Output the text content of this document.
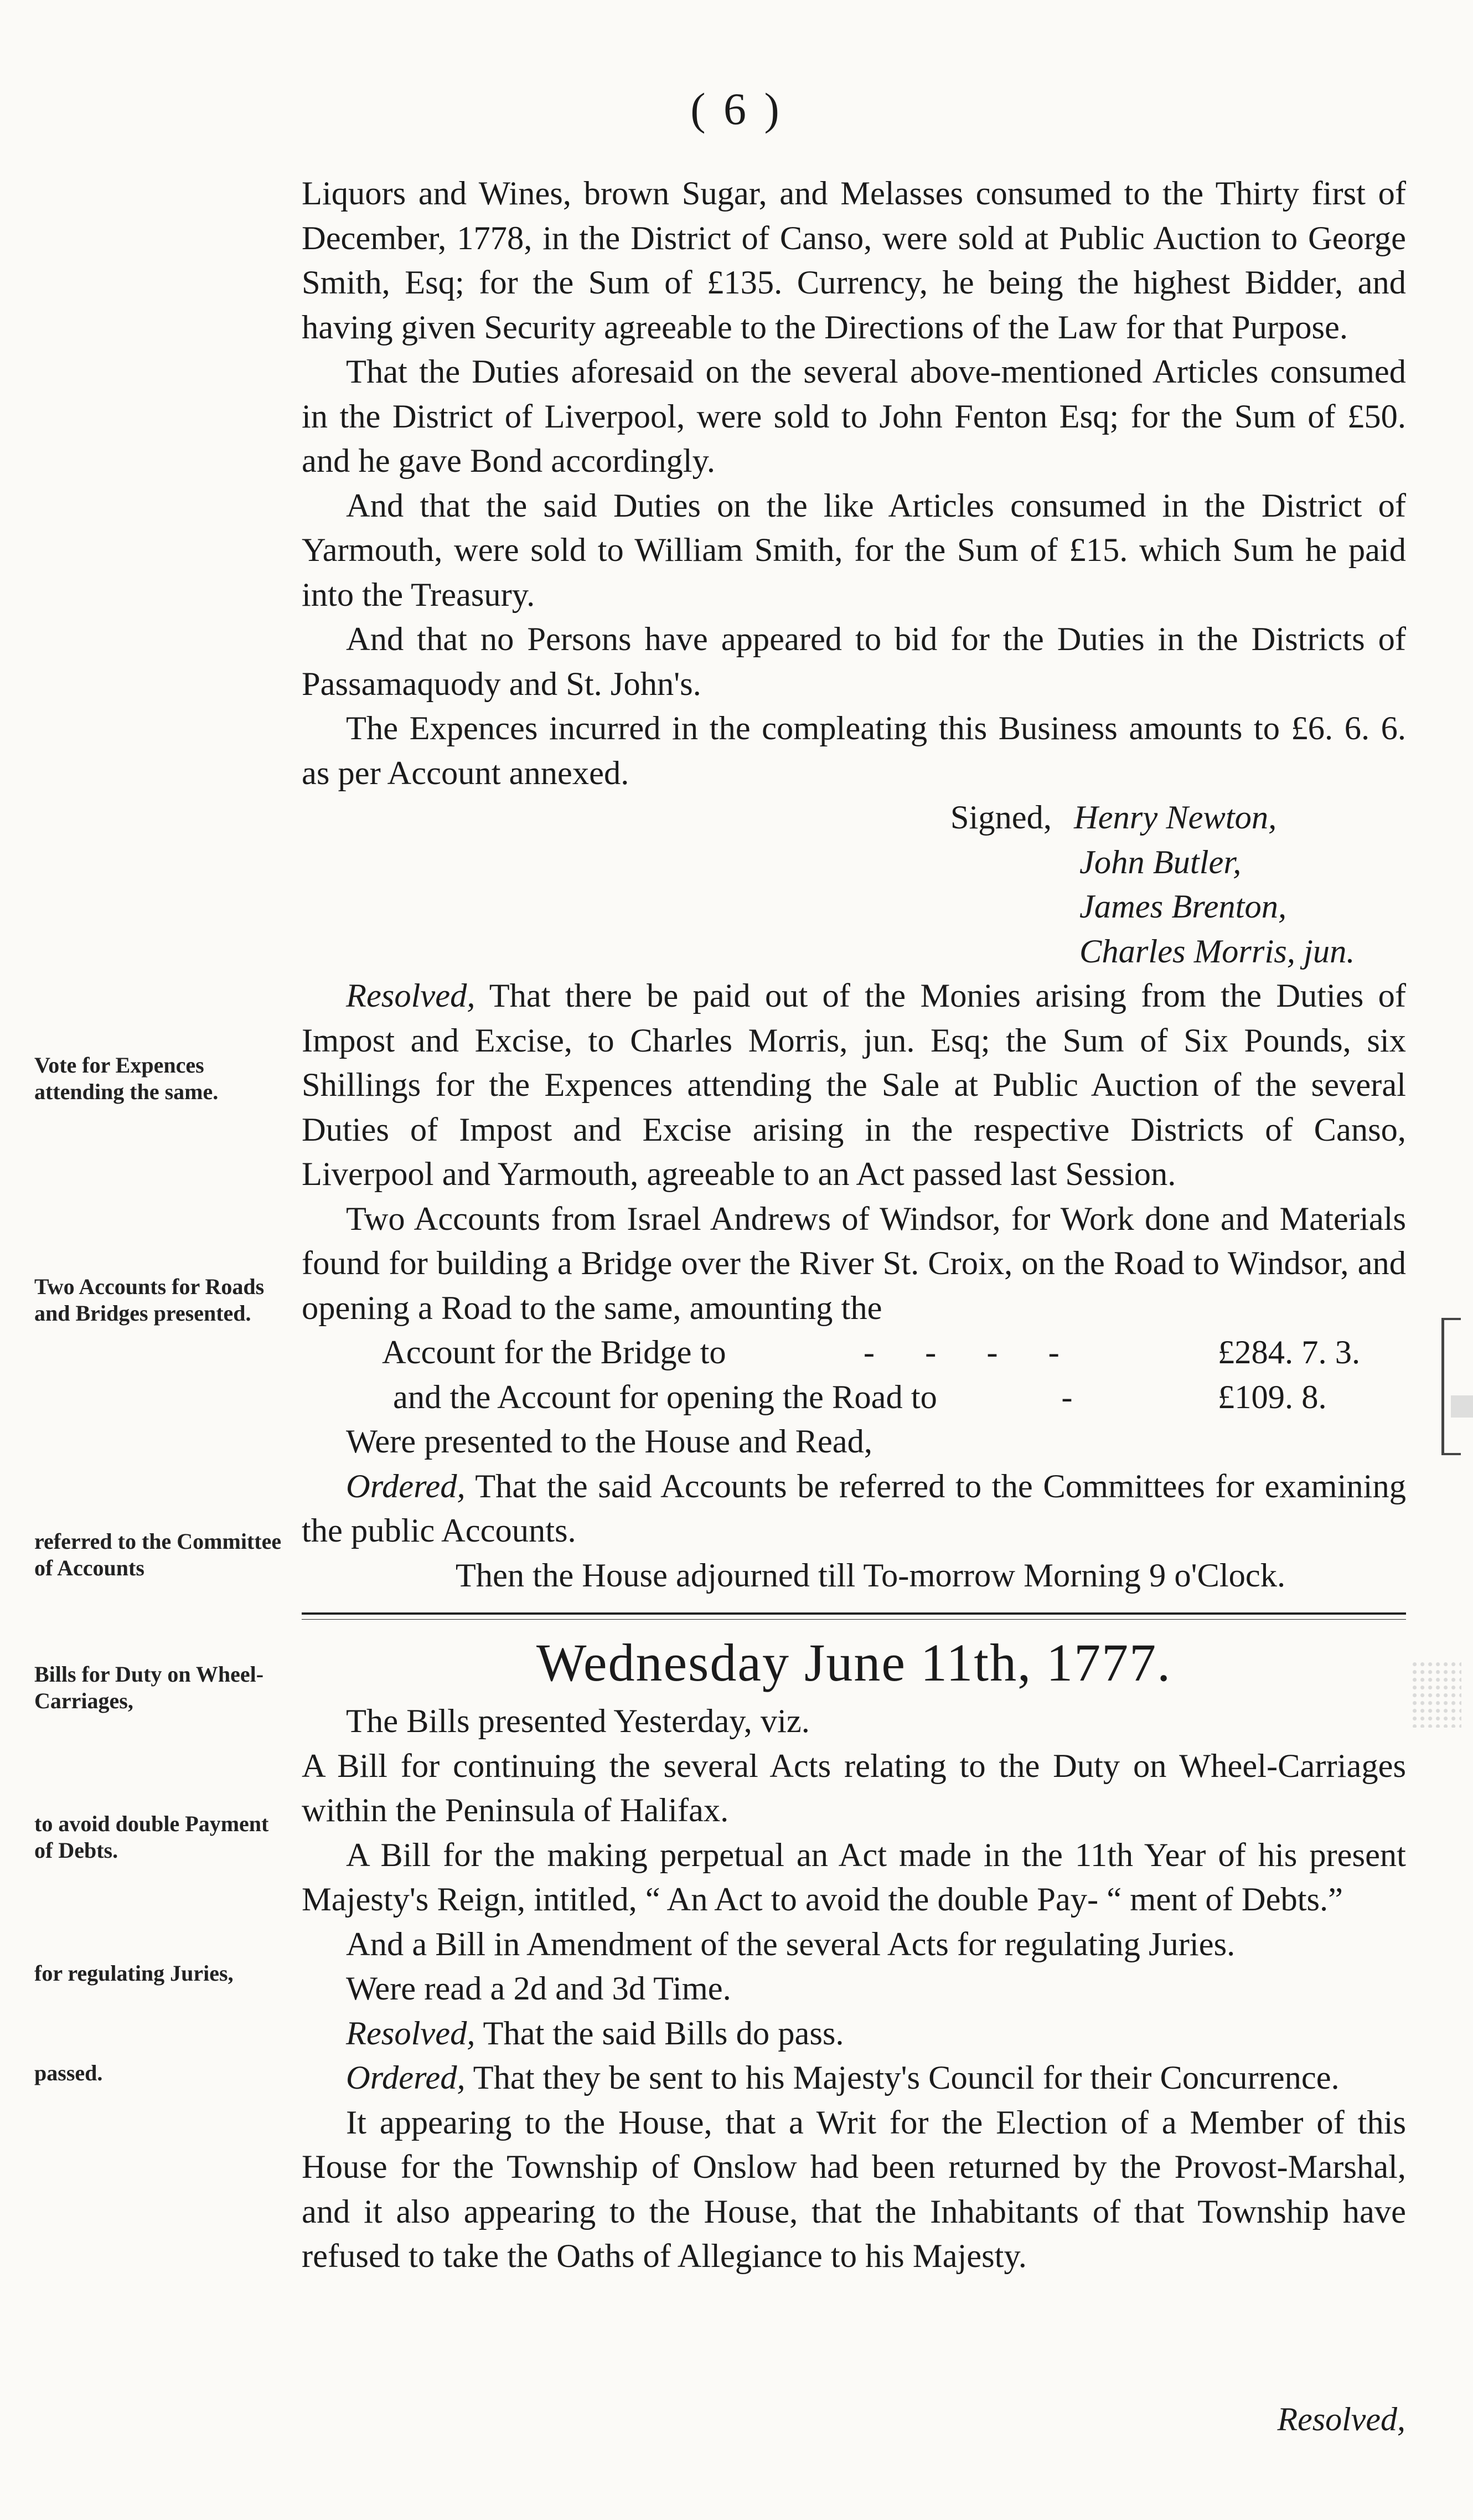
( 6 )

Liquors and Wines, brown Sugar, and Melasses consumed to the Thirty first of December, 1778, in the District of Canso, were sold at Public Auction to George Smith, Esq; for the Sum of £135. Currency, he being the highest Bidder, and having given Security agreeable to the Directions of the Law for that Purpose.

That the Duties aforesaid on the several above-mentioned Articles consumed in the District of Liverpool, were sold to John Fenton Esq; for the Sum of £50. and he gave Bond accordingly.

And that the said Duties on the like Articles consumed in the District of Yarmouth, were sold to William Smith, for the Sum of £15. which Sum he paid into the Treasury.

And that no Persons have appeared to bid for the Duties in the Districts of Passamaquody and St. John's.

The Expences incurred in the compleating this Business amounts to £6. 6. 6. as per Account annexed.

Signed, Henry Newton,
John Butler,
James Brenton,
Charles Morris, jun.

Resolved, That there be paid out of the Monies arising from the Duties of Impost and Excise, to Charles Morris, jun. Esq; the Sum of Six Pounds, six Shillings for the Expences attending the Sale at Public Auction of the several Duties of Impost and Excise arising in the respective Districts of Canso, Liverpool and Yarmouth, agreeable to an Act passed last Session.

Two Accounts from Israel Andrews of Windsor, for Work done and Materials found for building a Bridge over the River St. Croix, on the Road to Windsor, and opening a Road to the same, amounting the

Account for the Bridge to	- - - -	£284. 7. 3.
and the Account for opening the Road to	-	£109. 8.

Were presented to the House and Read,

Ordered, That the said Accounts be referred to the Committees for examining the public Accounts.

Then the House adjourned till To-morrow Morning 9 o'Clock.
Wednesday June 11th, 1777.

The Bills presented Yesterday, viz.

A Bill for continuing the several Acts relating to the Duty on Wheel-Carriages within the Peninsula of Halifax.

A Bill for the making perpetual an Act made in the 11th Year of his present Majesty's Reign, intitled, “ An Act to avoid the double Pay- “ ment of Debts.”

And a Bill in Amendment of the several Acts for regulating Juries.

Were read a 2d and 3d Time.

Resolved, That the said Bills do pass.

Ordered, That they be sent to his Majesty's Council for their Concurrence.

It appearing to the House, that a Writ for the Election of a Member of this House for the Township of Onslow had been returned by the Provost-Marshal, and it also appearing to the House, that the Inhabitants of that Township have refused to take the Oaths of Allegiance to his Majesty.

Resolved,
Vote for Expences attending the same.
Two Accounts for Roads and Bridges presented.
referred to the Committee of Accounts
Bills for Duty on Wheel-Carriages,
to avoid double Payment of Debts.
for regulating Juries,
passed.
